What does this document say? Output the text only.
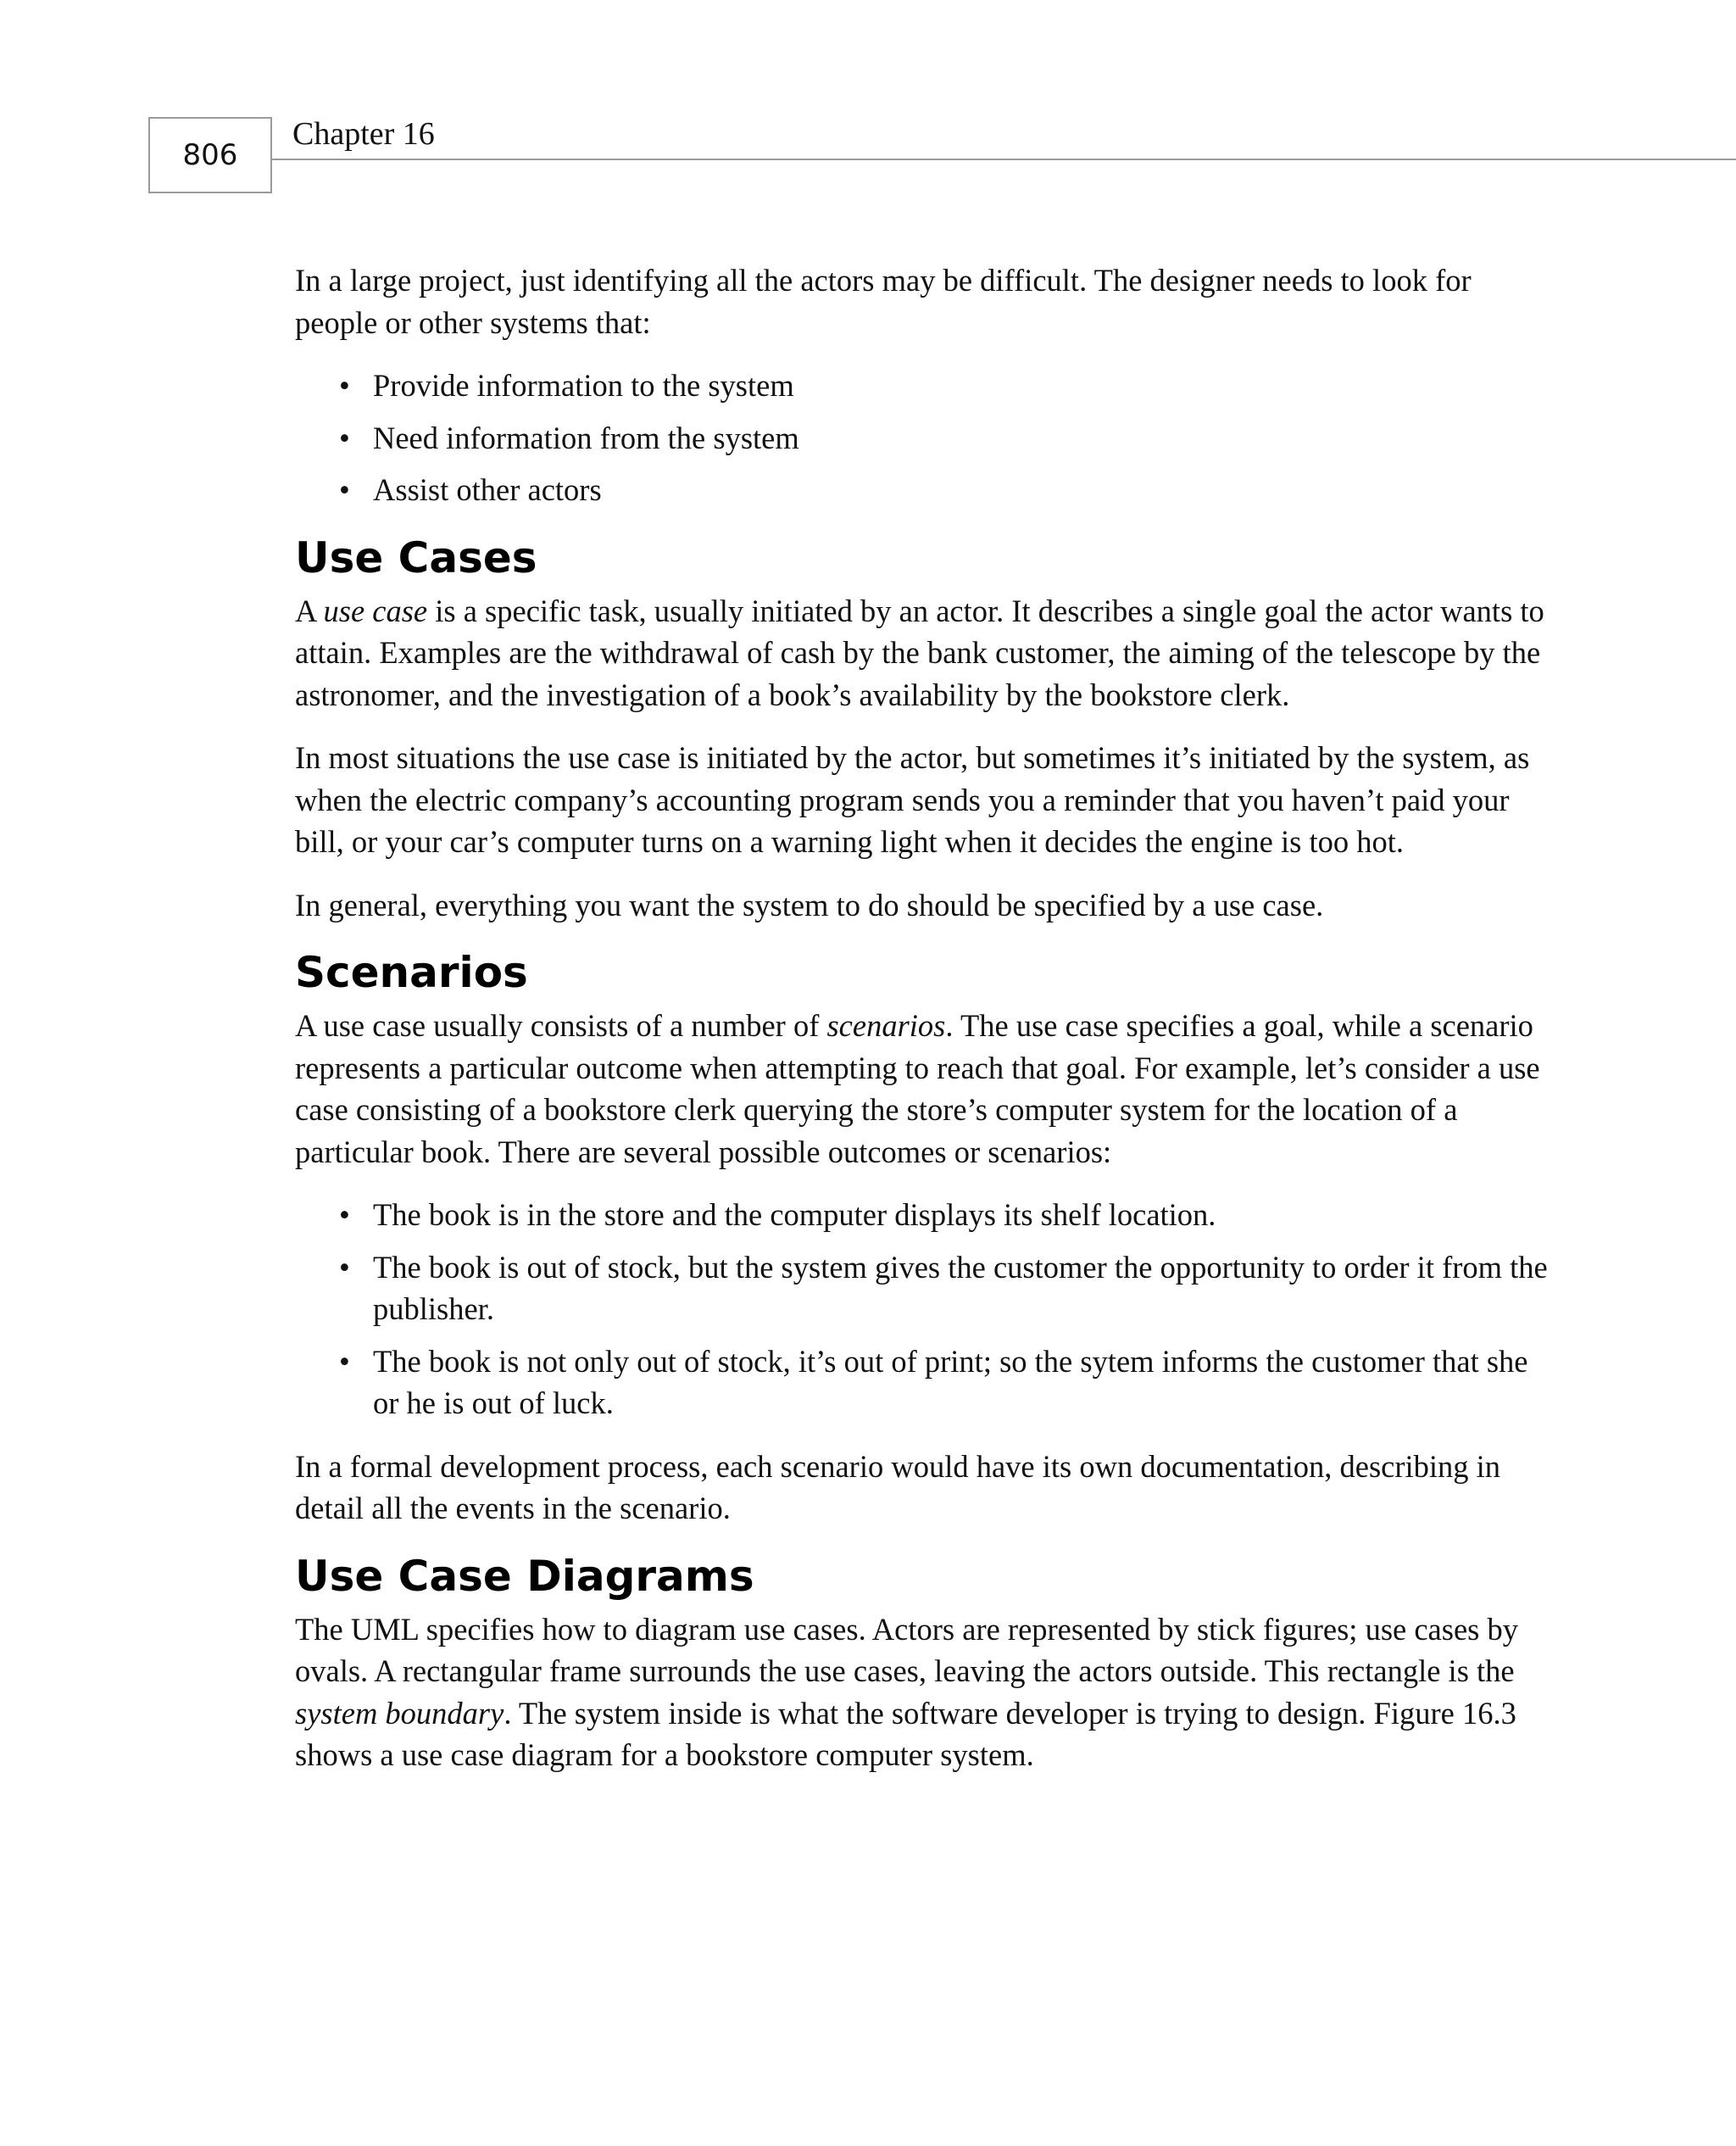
806
Chapter 16

In a large project, just identifying all the actors may be difficult. The designer needs to look for people or other systems that:

• Provide information to the system
• Need information from the system
• Assist other actors
Use Cases

A use case is a specific task, usually initiated by an actor. It describes a single goal the actor wants to attain. Examples are the withdrawal of cash by the bank customer, the aiming of the telescope by the astronomer, and the investigation of a book’s availability by the bookstore clerk.

In most situations the use case is initiated by the actor, but sometimes it’s initiated by the system, as when the electric company’s accounting program sends you a reminder that you haven’t paid your bill, or your car’s computer turns on a warning light when it decides the engine is too hot.

In general, everything you want the system to do should be specified by a use case.

Scenarios

A use case usually consists of a number of scenarios. The use case specifies a goal, while a scenario represents a particular outcome when attempting to reach that goal. For example, let’s consider a use case consisting of a bookstore clerk querying the store’s computer system for the location of a particular book. There are several possible outcomes or scenarios:

• The book is in the store and the computer displays its shelf location.
• The book is out of stock, but the system gives the customer the opportunity to order it from the publisher.
• The book is not only out of stock, it’s out of print; so the sytem informs the customer that she or he is out of luck.

In a formal development process, each scenario would have its own documentation, describing in detail all the events in the scenario.

Use Case Diagrams

The UML specifies how to diagram use cases. Actors are represented by stick figures; use cases by ovals. A rectangular frame surrounds the use cases, leaving the actors outside. This rectangle is the system boundary. The system inside is what the software developer is trying to design. Figure 16.3 shows a use case diagram for a bookstore computer system.
